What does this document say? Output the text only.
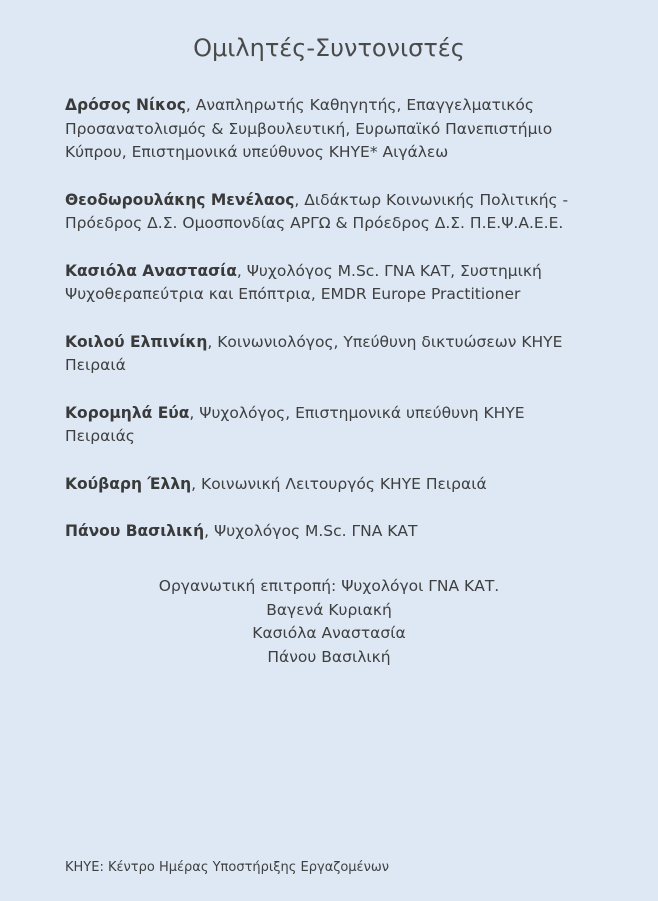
Ομιλητές-Συντονιστές
Δρόσος Νίκος, Αναπληρωτής Καθηγητής, Επαγγελματικός Προσανατολισμός & Συμβουλευτική, Ευρωπαϊκό Πανεπιστήμιο Κύπρου, Επιστημονικά υπεύθυνος ΚΗΥΕ* Αιγάλεω
Θεοδωρουλάκης Μενέλαος, Διδάκτωρ Κοινωνικής Πολιτικής - Πρόεδρος Δ.Σ. Ομοσπονδίας ΑΡΓΩ & Πρόεδρος Δ.Σ. Π.Ε.Ψ.Α.Ε.Ε.
Κασιόλα Αναστασία, Ψυχολόγος M.Sc. ΓΝΑ ΚΑΤ, Συστημική Ψυχοθεραπεύτρια και Επόπτρια, EMDR Europe Practitioner
Κοιλού Ελπινίκη, Κοινωνιολόγος, Υπεύθυνη δικτυώσεων ΚΗΥΕ Πειραιά
Κορομηλά Εύα, Ψυχολόγος, Επιστημονικά υπεύθυνη ΚΗΥΕ Πειραιάς
Κούβαρη Έλλη, Κοινωνική Λειτουργός ΚΗΥΕ Πειραιά
Πάνου Βασιλική, Ψυχολόγος M.Sc. ΓΝΑ ΚΑΤ
Οργανωτική επιτροπή: Ψυχολόγοι ΓΝΑ ΚΑΤ.
Βαγενά Κυριακή
Κασιόλα Αναστασία
Πάνου Βασιλική
ΚΗΥΕ: Κέντρο Ημέρας Υποστήριξης Εργαζομένων
